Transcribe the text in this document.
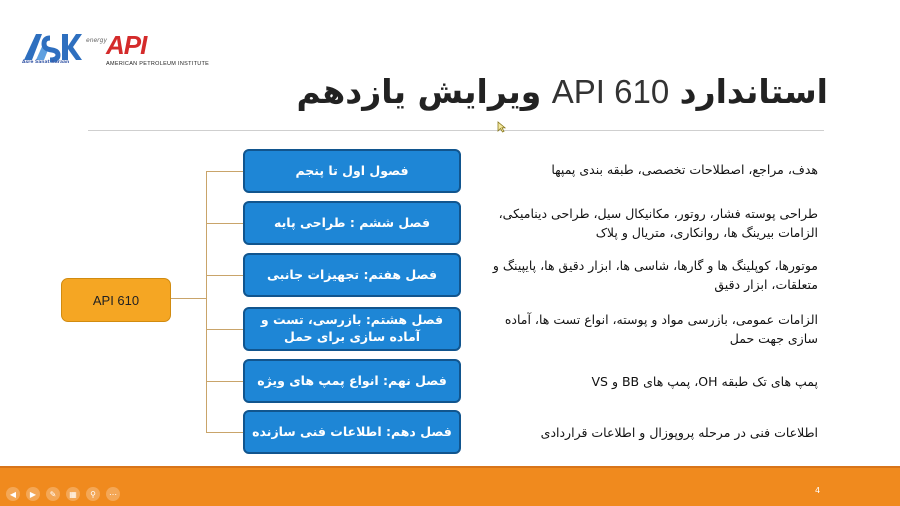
Asre Sanat Karaan
energy
API
AMERICAN PETROLEUM INSTITUTE
استاندارد API 610 ویرایش یازدهم
API 610
فصول اول تا پنجم
فصل ششم : طراحی پایه
فصل هفتم: تجهیزات جانبی
فصل هشتم: بازرسی، تست و آماده سازی برای حمل
فصل نهم: انواع پمپ های ویژه
فصل دهم: اطلاعات فنی سازنده
هدف، مراجع، اصطلاحات تخصصی، طبقه بندی پمپها
طراحی پوسته فشار، روتور، مکانیکال سیل، طراحی دینامیکی، الزامات بیرینگ ها، روانکاری، متریال و پلاک
موتورها، کوپلینگ ها و گارها، شاسی ها، ابزار دقیق ها، پایپینگ و متعلقات، ابزار دقیق
الزامات عمومی، بازرسی مواد و پوسته، انواع تست ها، آماده سازی جهت حمل
پمپ های تک طبقه OH، پمپ های BB و VS
اطلاعات فنی در مرحله پروپوزال و اطلاعات قراردادی
◀	▶	✎	▦	⚲	⋯	4
